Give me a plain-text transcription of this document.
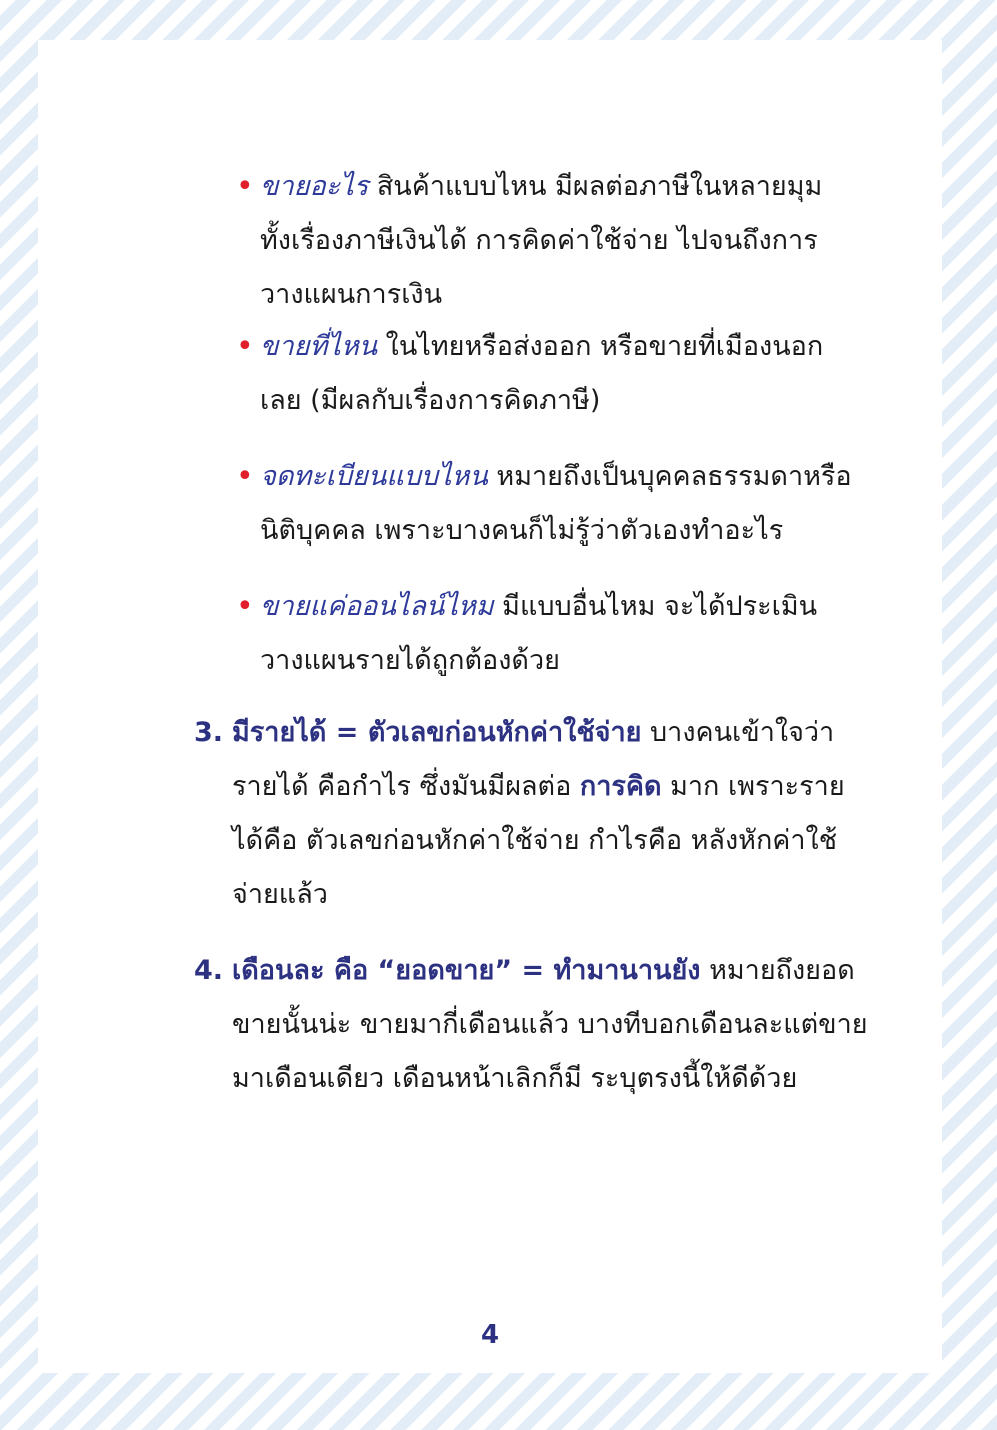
• ขายอะไร สินค้าแบบไหน มีผลต่อภาษีในหลายมุม ทั้งเรื่องภาษีเงินได้ การคิดค่าใช้จ่าย ไปจนถึงการวางแผนการเงิน

• ขายที่ไหน ในไทยหรือส่งออก หรือขายที่เมืองนอกเลย (มีผลกับเรื่องการคิดภาษี)

• จดทะเบียนแบบไหน หมายถึงเป็นบุคคลธรรมดาหรือนิติบุคคล เพราะบางคนก็ไม่รู้ว่าตัวเองทำอะไร

• ขายแค่ออนไลน์ไหม มีแบบอื่นไหม จะได้ประเมินวางแผนรายได้ถูกต้องด้วย

3. มีรายได้ = ตัวเลขก่อนหักค่าใช้จ่าย บางคนเข้าใจว่ารายได้ คือกำไร ซึ่งมันมีผลต่อ การคิด มาก เพราะรายได้คือ ตัวเลขก่อนหักค่าใช้จ่าย กำไรคือ หลังหักค่าใช้จ่ายแล้ว

4. เดือนละ คือ “ยอดขาย” = ทำมานานยัง หมายถึงยอดขายนั้นน่ะ ขายมากี่เดือนแล้ว บางทีบอกเดือนละแต่ขายมาเดือนเดียว เดือนหน้าเลิกก็มี ระบุตรงนี้ให้ดีด้วย

4
